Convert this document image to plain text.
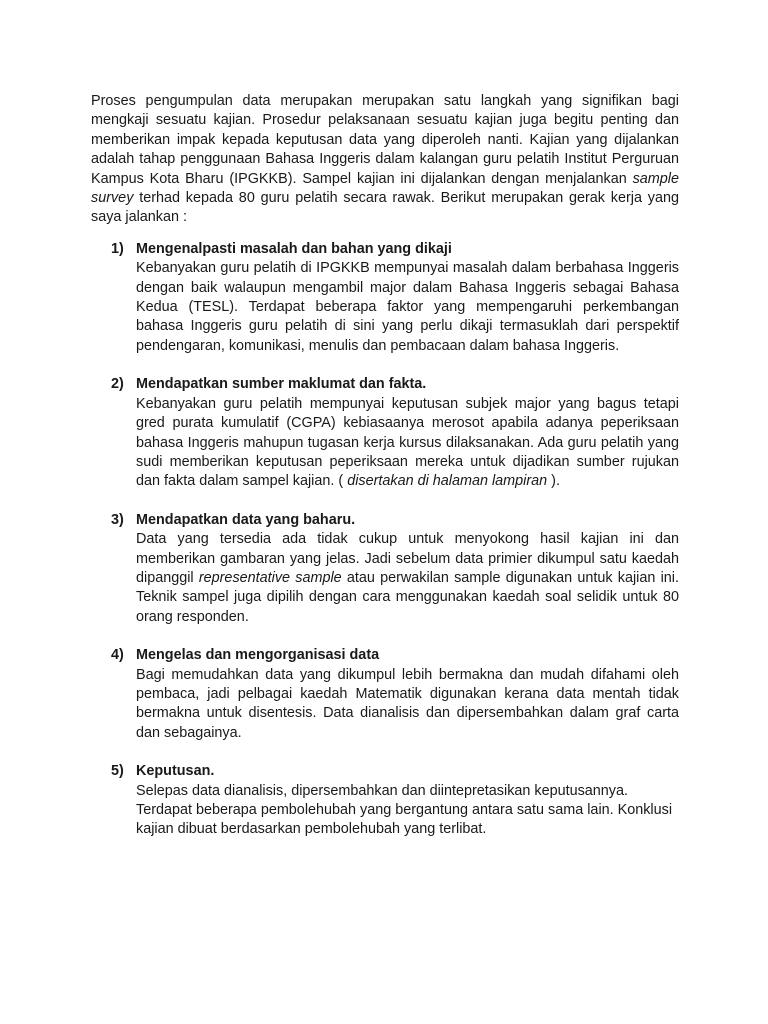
Proses pengumpulan data merupakan merupakan satu langkah yang signifikan bagi mengkaji sesuatu kajian. Prosedur pelaksanaan sesuatu kajian juga begitu penting dan memberikan impak kepada keputusan data yang diperoleh nanti. Kajian yang dijalankan adalah tahap penggunaan Bahasa Inggeris dalam kalangan guru pelatih Institut Perguruan Kampus Kota Bharu (IPGKKB). Sampel kajian ini dijalankan dengan menjalankan sample survey terhad kepada 80 guru pelatih secara rawak. Berikut merupakan gerak kerja yang saya jalankan :

1) Mengenalpasti masalah dan bahan yang dikaji

Kebanyakan guru pelatih di IPGKKB mempunyai masalah dalam berbahasa Inggeris dengan baik walaupun mengambil major dalam Bahasa Inggeris sebagai Bahasa Kedua (TESL). Terdapat beberapa faktor yang mempengaruhi perkembangan bahasa Inggeris guru pelatih di sini yang perlu dikaji termasuklah dari perspektif pendengaran, komunikasi, menulis dan pembacaan dalam bahasa Inggeris.

2) Mendapatkan sumber maklumat dan fakta.

Kebanyakan guru pelatih mempunyai keputusan subjek major yang bagus tetapi gred purata kumulatif (CGPA) kebiasaanya merosot apabila adanya peperiksaan bahasa Inggeris mahupun tugasan kerja kursus dilaksanakan. Ada guru pelatih yang sudi memberikan keputusan peperiksaan mereka untuk dijadikan sumber rujukan dan fakta dalam sampel kajian. ( disertakan di halaman lampiran ).

3) Mendapatkan data yang baharu.

Data yang tersedia ada tidak cukup untuk menyokong hasil kajian ini dan memberikan gambaran yang jelas. Jadi sebelum data primier dikumpul satu kaedah dipanggil representative sample atau perwakilan sample digunakan untuk kajian ini. Teknik sampel juga dipilih dengan cara menggunakan kaedah soal selidik untuk 80 orang responden.

4) Mengelas dan mengorganisasi data

Bagi memudahkan data yang dikumpul lebih bermakna dan mudah difahami oleh pembaca, jadi pelbagai kaedah Matematik digunakan kerana data mentah tidak bermakna untuk disentesis. Data dianalisis dan dipersembahkan dalam graf carta dan sebagainya.

5) Keputusan.

Selepas data dianalisis, dipersembahkan dan diintepretasikan keputusannya. Terdapat beberapa pembolehubah yang bergantung antara satu sama lain. Konklusi kajian dibuat berdasarkan pembolehubah yang terlibat.
